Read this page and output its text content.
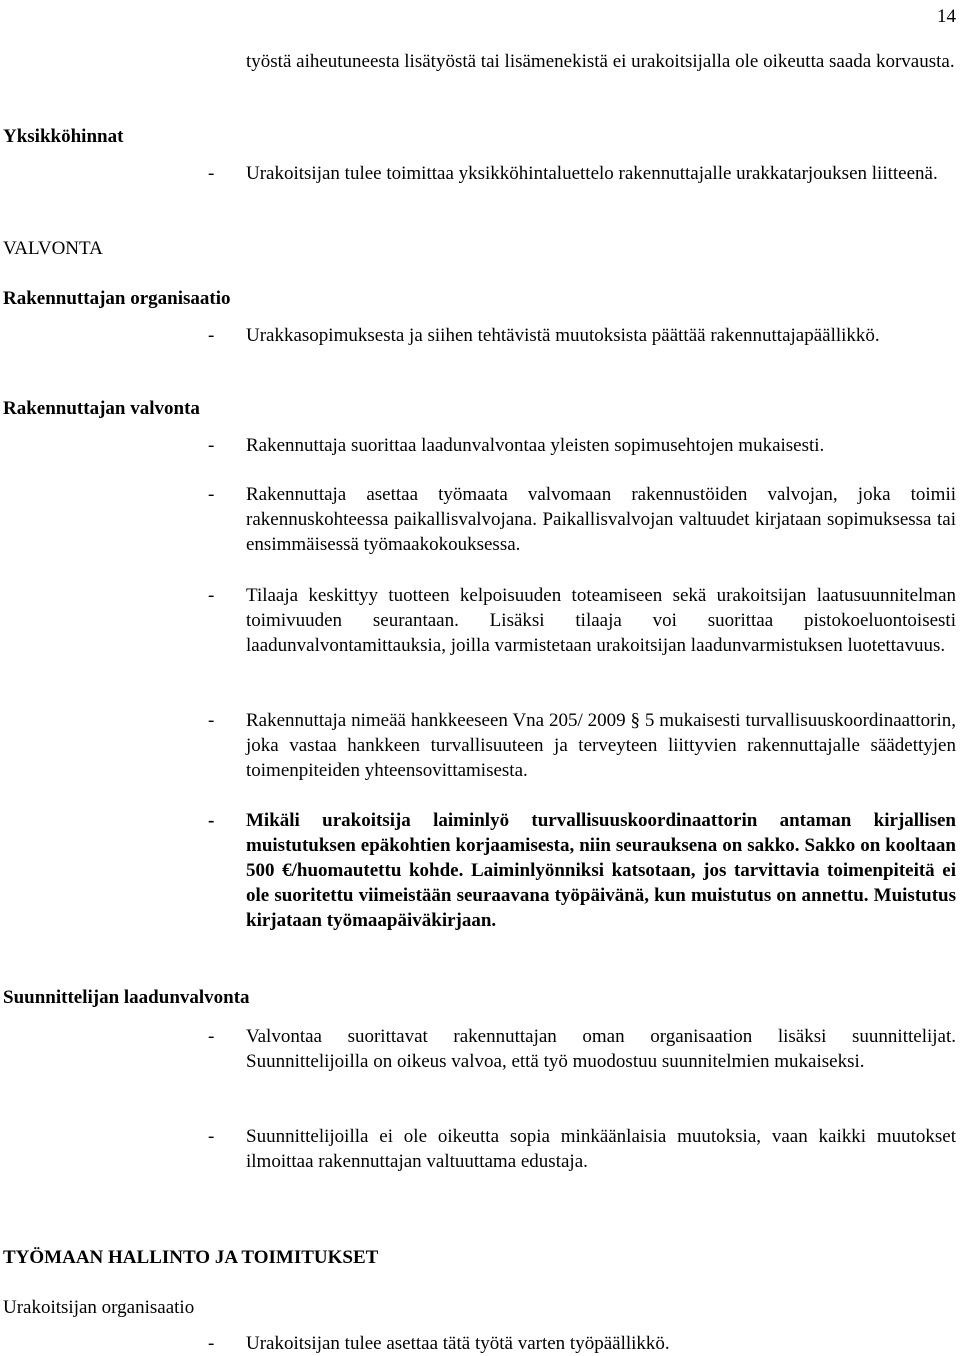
14
työstä aiheutuneesta lisätyöstä tai lisämenekistä ei urakoitsijalla ole oikeutta saada korvausta.
Yksikköhinnat
- Urakoitsijan tulee toimittaa yksikköhintaluettelo rakennuttajalle urakkatarjouksen liitteenä.
VALVONTA
Rakennuttajan organisaatio
- Urakkasopimuksesta ja siihen tehtävistä muutoksista päättää rakennuttajapäällikkö.
Rakennuttajan valvonta
- Rakennuttaja suorittaa laadunvalvontaa yleisten sopimusehtojen mukaisesti.
- Rakennuttaja asettaa työmaata valvomaan rakennustöiden valvojan, joka toimii rakennuskohteessa paikallisvalvojana. Paikallisvalvojan valtuudet kirjataan sopimuksessa tai ensimmäisessä työmaakokouksessa.
- Tilaaja keskittyy tuotteen kelpoisuuden toteamiseen sekä urakoitsijan laatusuunnitelman toimivuuden seurantaan. Lisäksi tilaaja voi suorittaa pistokoeluontoisesti laadunvalvontamittauksia, joilla varmistetaan urakoitsijan laadunvarmistuksen luotettavuus.
- Rakennuttaja nimeää hankkeeseen Vna 205/ 2009 § 5 mukaisesti turvallisuuskoordinaattorin, joka vastaa hankkeen turvallisuuteen ja terveyteen liittyvien rakennuttajalle säädettyjen toimenpiteiden yhteensovittamisesta.
- Mikäli urakoitsija laiminlyö turvallisuuskoordinaattorin antaman kirjallisen muistutuksen epäkohtien korjaamisesta, niin seurauksena on sakko. Sakko on kooltaan 500 €/huomautettu kohde. Laiminlyönniksi katsotaan, jos tarvittavia toimenpiteitä ei ole suoritettu viimeistään seuraavana työpäivänä, kun muistutus on annettu. Muistutus kirjataan työmaapäiväkirjaan.
Suunnittelijan laadunvalvonta
- Valvontaa suorittavat rakennuttajan oman organisaation lisäksi suunnittelijat. Suunnittelijoilla on oikeus valvoa, että työ muodostuu suunnitelmien mukaiseksi.
- Suunnittelijoilla ei ole oikeutta sopia minkäänlaisia muutoksia, vaan kaikki muutokset ilmoittaa rakennuttajan valtuuttama edustaja.
TYÖMAAN HALLINTO JA TOIMITUKSET
Urakoitsijan organisaatio
- Urakoitsijan tulee asettaa tätä työtä varten työpäällikkö.
